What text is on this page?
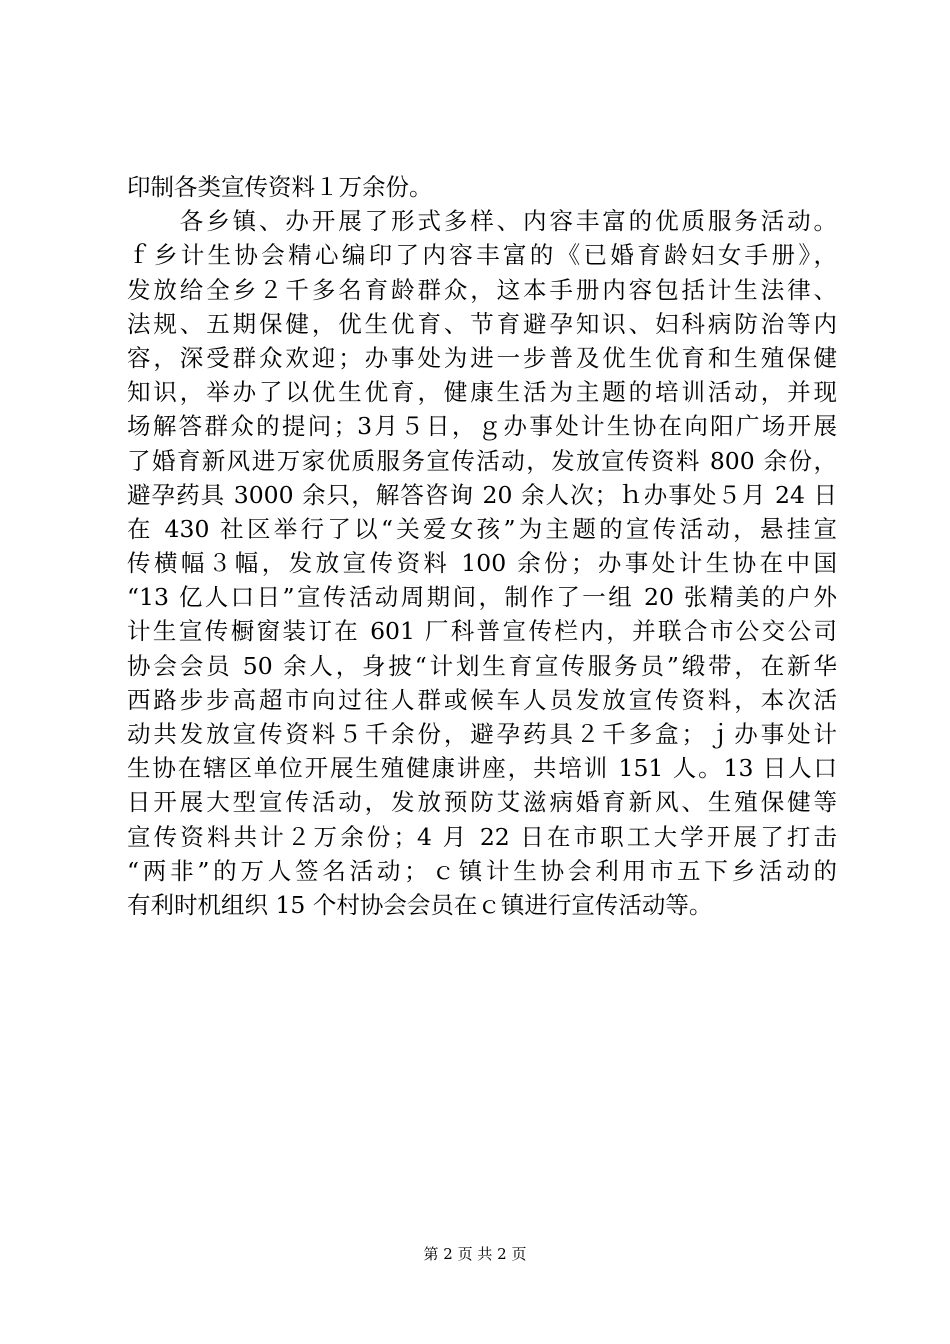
印制各类宣传资料１万余份。
　　各乡镇、办开展了形式多样、内容丰富的优质服务活动。
ｆ乡计生协会精心编印了内容丰富的《已婚育龄妇女手册》，
发放给全乡２千多名育龄群众，这本手册内容包括计生法律、
法规、五期保健，优生优育、节育避孕知识、妇科病防治等内
容，深受群众欢迎；办事处为进一步普及优生优育和生殖保健
知识，举办了以优生优育，健康生活为主题的培训活动，并现
场解答群众的提问；3月５日，ｇ办事处计生协在向阳广场开展
了婚育新风进万家优质服务宣传活动，发放宣传资料 800 余份，
避孕药具 3000 余只，解答咨询 20 余人次；ｈ办事处５月 24 日
在 430 社区举行了以“关爱女孩”为主题的宣传活动，悬挂宣
传横幅３幅，发放宣传资料 100 余份；办事处计生协在中国
“13 亿人口日”宣传活动周期间，制作了一组 20 张精美的户外
计生宣传橱窗装订在 601 厂科普宣传栏内，并联合市公交公司
协会会员 50 余人，身披“计划生育宣传服务员”缎带，在新华
西路步步高超市向过往人群或候车人员发放宣传资料，本次活
动共发放宣传资料５千余份，避孕药具２千多盒；ｊ办事处计
生协在辖区单位开展生殖健康讲座，共培训 151 人。13 日人口
日开展大型宣传活动，发放预防艾滋病婚育新风、生殖保健等
宣传资料共计２万余份；4 月 22 日在市职工大学开展了打击
“两非”的万人签名活动；ｃ镇计生协会利用市五下乡活动的
有利时机组织 15 个村协会会员在ｃ镇进行宣传活动等。
第 2 页 共 2 页
